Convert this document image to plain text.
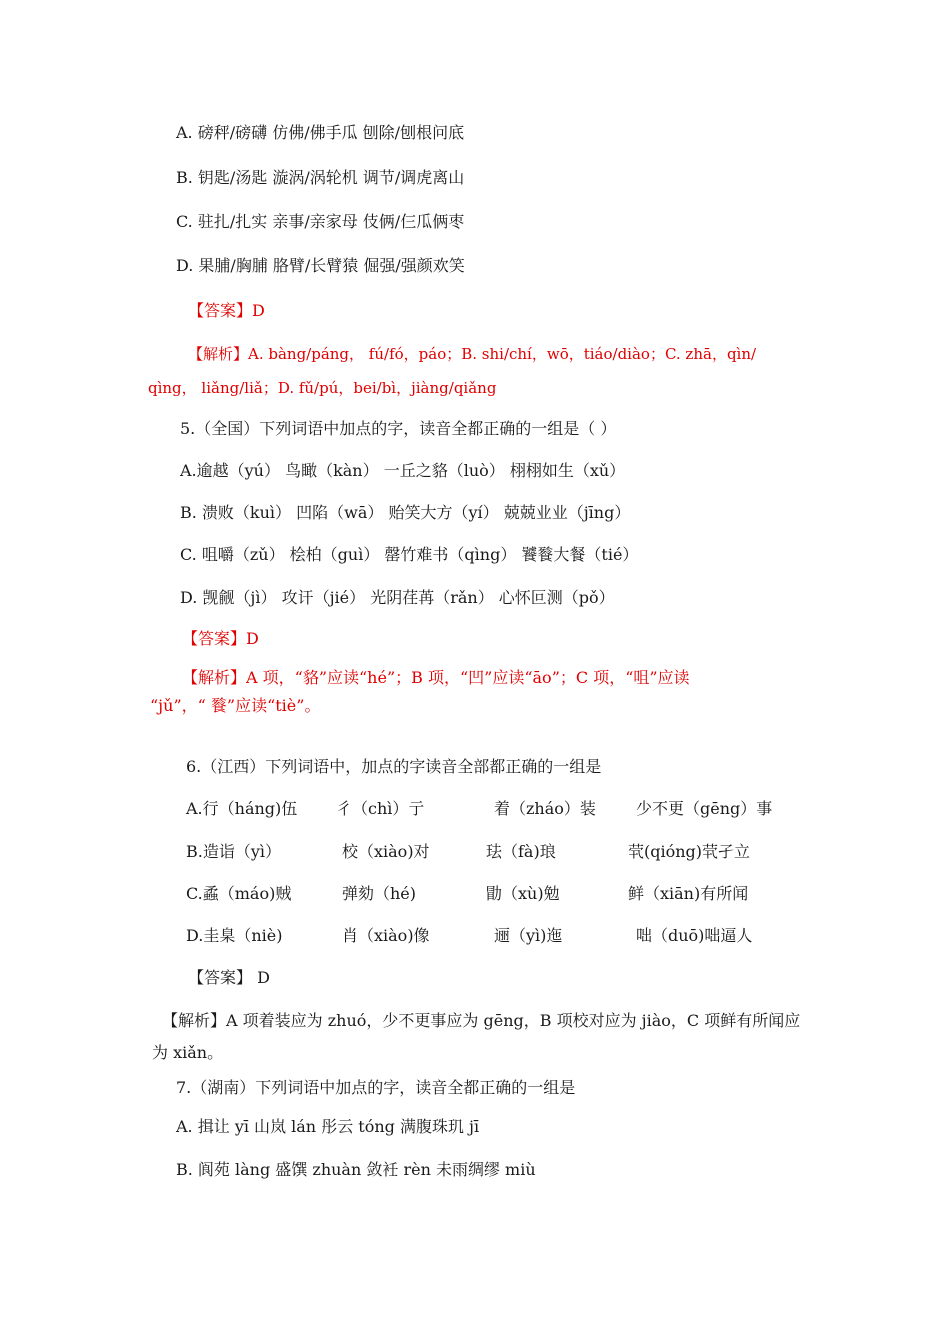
A. 磅秤/磅礴 仿佛/佛手瓜 刨除/刨根问底
B. 钥匙/汤匙 漩涡/涡轮机 调节/调虎离山
C. 驻扎/扎实 亲事/亲家母 伎俩/仨瓜俩枣
D. 果脯/胸脯 胳臂/长臂猿 倔强/强颜欢笑
【答案】D
【解析】A. bàng/páng， fú/fó，páo；B. shi/chí，wō，tiáo/diào；C. zhā，qìn/
qìng， liǎng/liǎ；D. fǔ/pú，bei/bì，jiàng/qiǎng
5.（全国）下列词语中加点的字，读音全都正确的一组是（ ）
A.逾越（yú） 鸟瞰（kàn） 一丘之貉（luò） 栩栩如生（xǔ）
B. 溃败（kuì） 凹陷（wā） 贻笑大方（yí） 兢兢业业（jīng）
C. 咀嚼（zǔ） 桧柏（guì） 罄竹难书（qìng） 饕餮大餐（tié）
D. 觊觎（jì） 攻讦（jié） 光阴荏苒（rǎn） 心怀叵测（pǒ）
【答案】D
【解析】A 项，“貉”应读“hé”；B 项，“凹”应读“āo”；C 项，“咀”应读
“jǔ”，“ 餮”应读“tiè”。
6.（江西）下列词语中，加点的字读音全部都正确的一组是
A.行（háng)伍 彳（chì）亍	着（zháo）装	少不更（gēng）事
B.造诣（yì）	校（xiào)对	珐（fà)琅	茕(qióng)茕孑立
C.蟊（máo)贼	弹劾（hé)	勖（xù)勉	鲜（xiān)有所闻
D.圭臬（niè)	肖（xiào)像	逦（yì)迤	咄（duō)咄逼人
【答案】 D
【解析】A 项着装应为 zhuó，少不更事应为 gēng，B 项校对应为 jiào，C 项鲜有所闻应
为 xiǎn。
7.（湖南）下列词语中加点的字，读音全都正确的一组是
A. 揖让 yī 山岚 lán 彤云 tóng 满腹珠玑 jī
B. 阆苑 làng 盛馔 zhuàn 敛衽 rèn 未雨绸缪 miù
